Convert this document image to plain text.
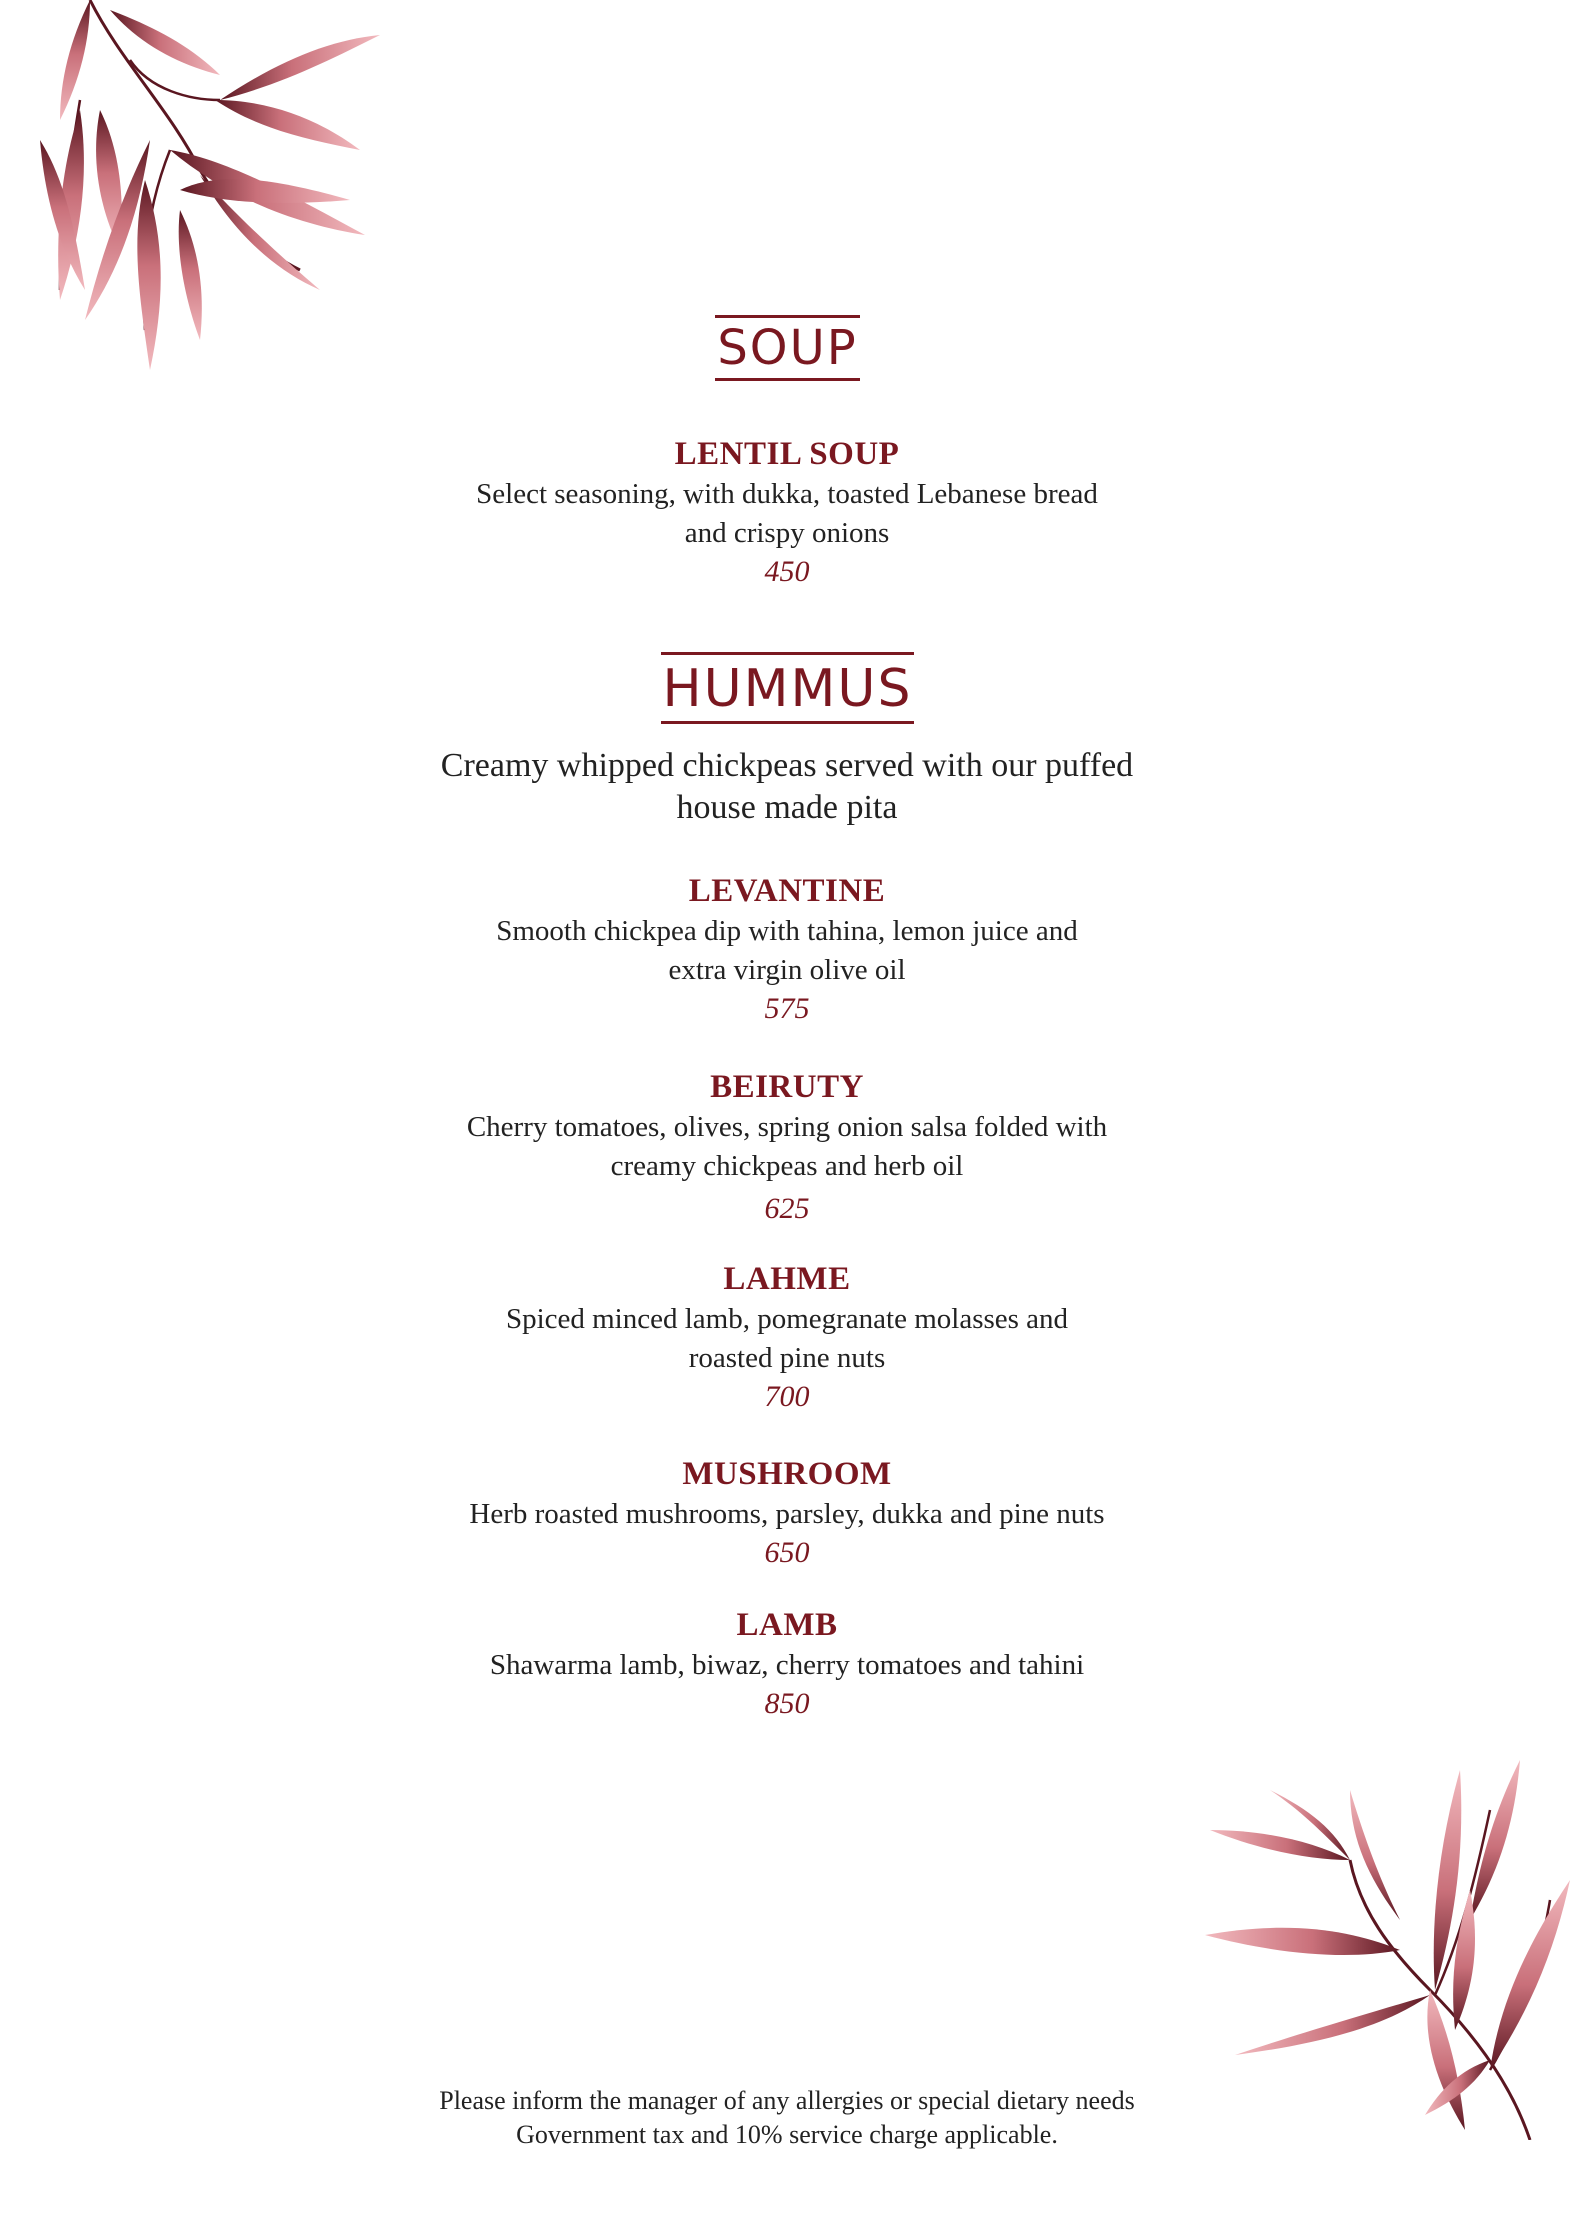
SOUP
LENTIL SOUP
Select seasoning, with dukka, toasted Lebanese bread
and crispy onions
450
HUMMUS
Creamy whipped chickpeas served with our puffed
house made pita
LEVANTINE
Smooth chickpea dip with tahina, lemon juice and
extra virgin olive oil
575
BEIRUTY
Cherry tomatoes, olives, spring onion salsa folded with
creamy chickpeas and herb oil
625
LAHME
Spiced minced lamb, pomegranate molasses and
roasted pine nuts
700
MUSHROOM
Herb roasted mushrooms, parsley, dukka and pine nuts
650
LAMB
Shawarma lamb, biwaz, cherry tomatoes and tahini
850
Please inform the manager of any allergies or special dietary needs
Government tax and 10% service charge applicable.
